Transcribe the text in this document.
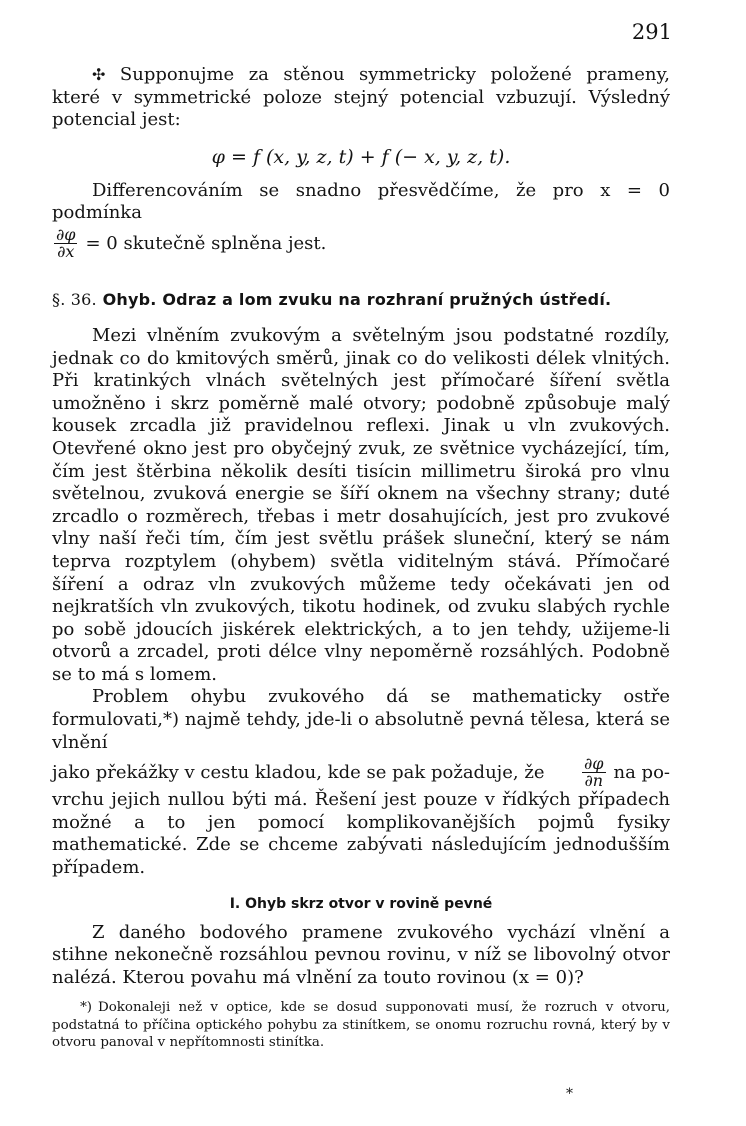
291

✣ Supponujme za stěnou symmetricky položené prameny, které v symmetrické poloze stejný potencial vzbuzují. Výsledný potencial jest:

φ = f (x, y, z, t) + f (− x, y, z, t).

Differencováním se snadno přesvědčíme, že pro x = 0 podmínka

$\frac{\partial\varphi}{\partial x} = 0$ skutečně splněna jest.
§. 36. Ohyb. Odraz a lom zvuku na rozhraní pružných ústředí.

Mezi vlněním zvukovým a světelným jsou podstatné rozdíly, jednak co do kmitových směrů, jinak co do velikosti délek vlnitých. Při kratinkých vlnách světelných jest přímočaré šíření světla umožněno i skrz poměrně malé otvory; podobně způsobuje malý kousek zrcadla již pravidelnou reflexi. Jinak u vln zvukových. Otevřené okno jest pro obyčejný zvuk, ze světnice vycházející, tím, čím jest štěrbina několik desíti tisícin millimetru široká pro vlnu světelnou, zvuková energie se šíří oknem na všechny strany; duté zrcadlo o rozměrech, třebas i metr dosahujících, jest pro zvukové vlny naší řeči tím, čím jest světlu prášek sluneční, který se nám teprva rozptylem (ohybem) světla viditelným stává. Přímočaré šíření a odraz vln zvukových můžeme tedy očekávati jen od nejkratších vln zvukových, tikotu hodinek, od zvuku slabých rychle po sobě jdoucích jiskérek elektrických, a to jen tehdy, užijeme-li otvorů a zrcadel, proti délce vlny nepoměrně rozsáhlých. Podobně se to má s lomem.

Problem ohybu zvukového dá se mathematicky ostře formulovati,*) najmě tehdy, jde-li o absolutně pevná tělesa, která se vlnění

jako překážky v cestu kladou, kde se pak požaduje, že $\frac{\partial\varphi}{\partial n}$ na po-

vrchu jejich nullou býti má. Řešení jest pouze v řídkých případech možné a to jen pomocí komplikovanějších pojmů fysiky mathematické. Zde se chceme zabývati následujícím jednodušším případem.

I. Ohyb skrz otvor v rovině pevné

Z daného bodového pramene zvukového vychází vlnění a stihne nekonečně rozsáhlou pevnou rovinu, v níž se libovolný otvor nalézá. Kterou povahu má vlnění za touto rovinou (x = 0)?

*) Dokonaleji než v optice, kde se dosud supponovati musí, že rozruch v otvoru, podstatná to příčina optického pohybu za stinítkem, se onomu rozruchu rovná, který by v otvoru panoval v nepřítomnosti stinítka.

*
